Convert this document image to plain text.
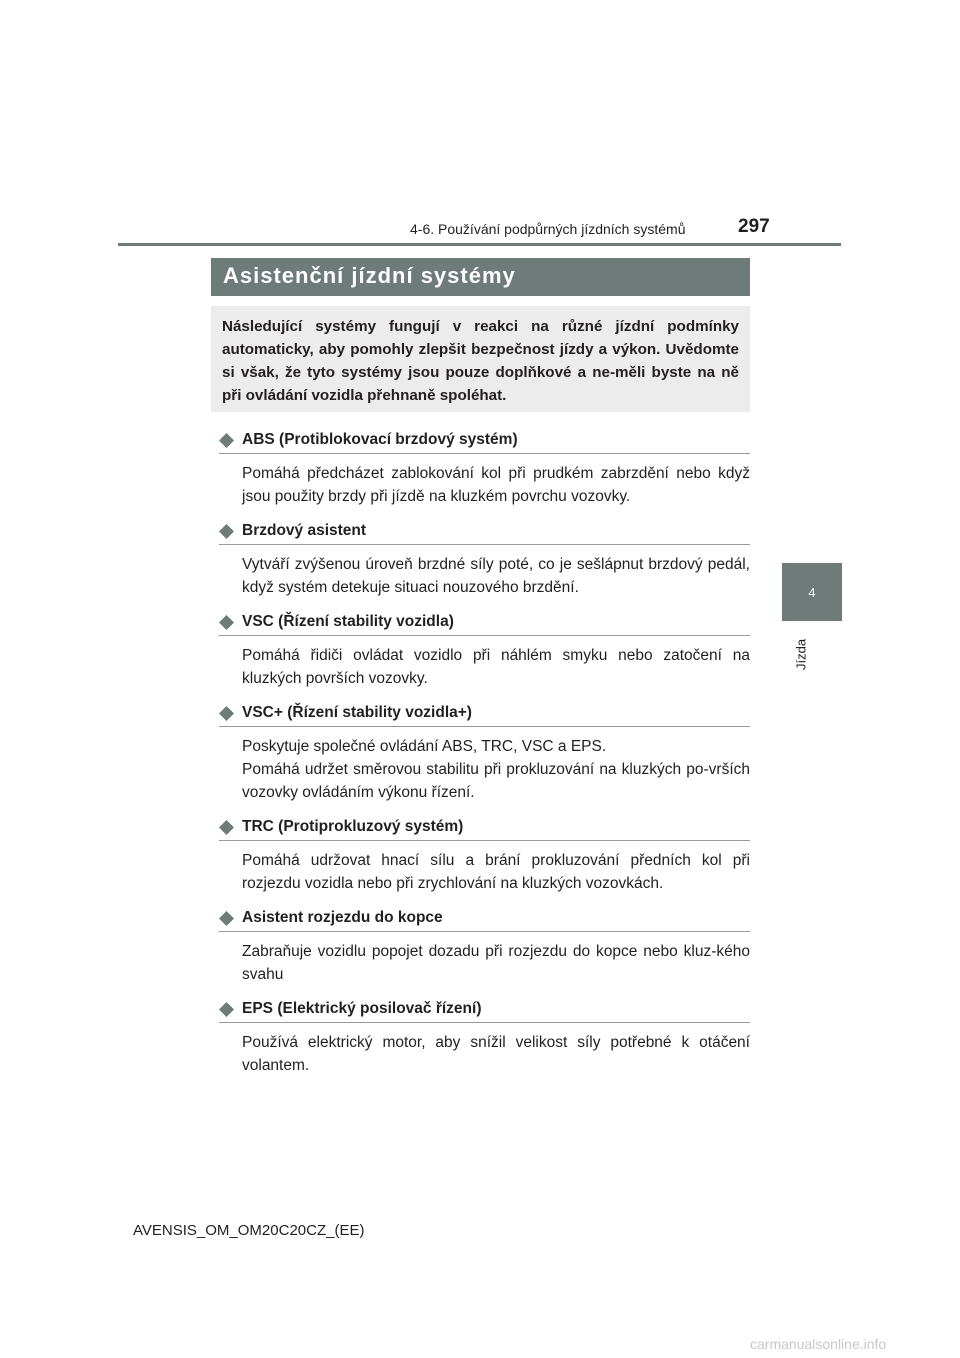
4-6. Používání podpůrných jízdních systémů	297
4
Jízda
Asistenční jízdní systémy
Následující systémy fungují v reakci na různé jízdní podmínky automaticky, aby pomohly zlepšit bezpečnost jízdy a výkon. Uvědomte si však, že tyto systémy jsou pouze doplňkové a ne-měli byste na ně při ovládání vozidla přehnaně spoléhat.
ABS (Protiblokovací brzdový systém)
Pomáhá předcházet zablokování kol při prudkém zabrzdění nebo když jsou použity brzdy při jízdě na kluzkém povrchu vozovky.
Brzdový asistent
Vytváří zvýšenou úroveň brzdné síly poté, co je sešlápnut brzdový pedál, když systém detekuje situaci nouzového brzdění.
VSC (Řízení stability vozidla)
Pomáhá řidiči ovládat vozidlo při náhlém smyku nebo zatočení na kluzkých površích vozovky.
VSC+ (Řízení stability vozidla+)
Poskytuje společné ovládání ABS, TRC, VSC a EPS.
Pomáhá udržet směrovou stabilitu při prokluzování na kluzkých po-vrších vozovky ovládáním výkonu řízení.
TRC (Protiprokluzový systém)
Pomáhá udržovat hnací sílu a brání prokluzování předních kol při rozjezdu vozidla nebo při zrychlování na kluzkých vozovkách.
Asistent rozjezdu do kopce
Zabraňuje vozidlu popojet dozadu při rozjezdu do kopce nebo kluz-kého svahu
EPS (Elektrický posilovač řízení)
Používá elektrický motor, aby snížil velikost síly potřebné k otáčení volantem.
AVENSIS_OM_OM20C20CZ_(EE)
carmanualsonline.info
